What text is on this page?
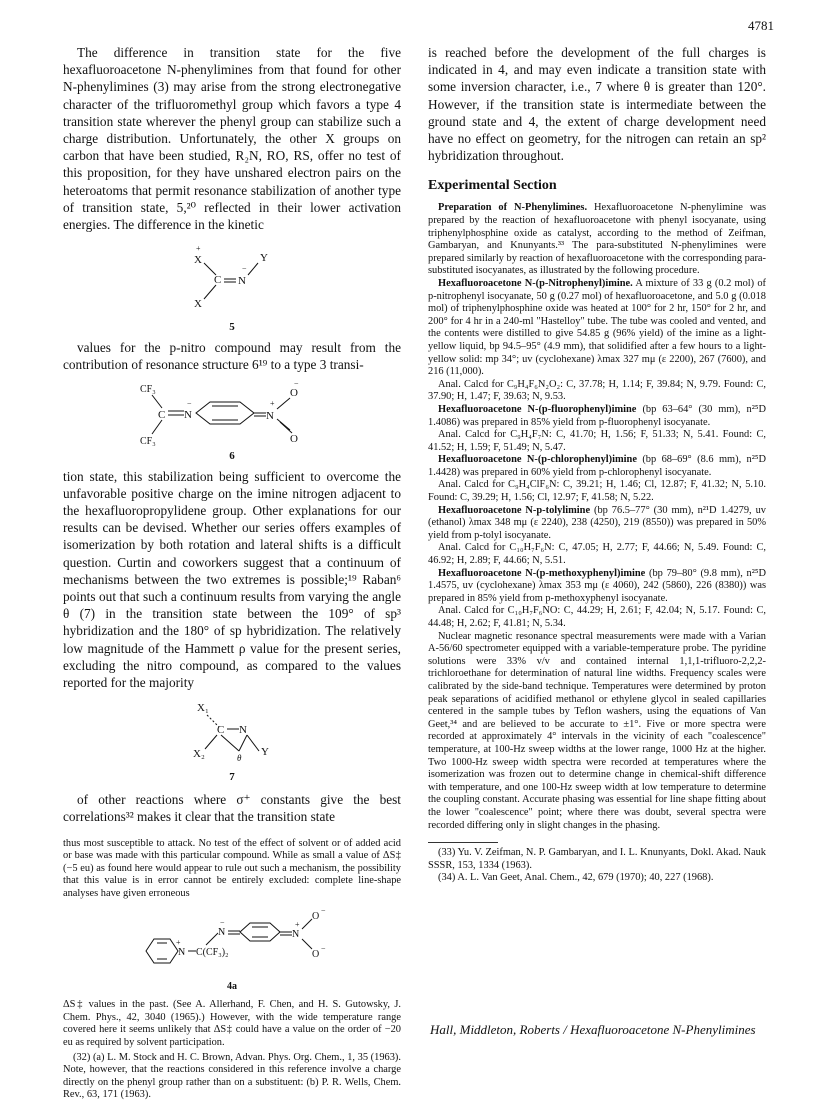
4781

The difference in transition state for the five hexafluoroacetone N-phenylimines from that found for other N-phenylimines (3) may arise from the strong electronegative character of the trifluoromethyl group which favors a type 4 transition state wherever the phenyl group can stabilize such a charge distribution. Unfortunately, the other X groups on carbon that have been studied, R₂N, RO, RS, offer no test of this proposition, for they have unshared electron pairs on the heteroatoms that permit resonance stabilization of another type of transition state, 5,²⁰ reflected in their lower activation energies. The difference in the kinetic

+
X
C N
−
Y
X
5

values for the p-nitro compound may result from the contribution of resonance structure 6¹⁹ to a type 3 transi-

CF₃
C N
−
N
+
O
−
O
CF₃
6

tion state, this stabilization being sufficient to overcome the unfavorable positive charge on the imine nitrogen adjacent to the hexafluoropropylidene group. Other explanations for our results can be devised. Whether our series offers examples of isomerization by both rotation and lateral shifts is a difficult question. Curtin and coworkers suggest that a continuum of mechanisms between the two extremes is possible;¹⁹ Raban⁶ points out that such a continuum results from varying the angle θ (7) in the transition state between the 109° of sp³ hybridization and the 180° of sp hybridization. The relatively low magnitude of the Hammett ρ value for the present series, excluding the nitro compound, as compared to the values reported for the majority

X₁
C N
Y
X₂	θ
7

of other reactions where σ⁺ constants give the best correlations³² makes it clear that the transition state

thus most susceptible to attack. No test of the effect of solvent or of added acid or base was made with this particular compound. While as small a value of ΔS‡ (−5 eu) as found here would appear to rule out such a mechanism, the possibility that this value is in error cannot be entirely excluded: complete line-shape analyses have given erroneous

N
+
C(CF₃)₂
N
−
N
+
O
−
O
−
4a

ΔS‡ values in the past. (See A. Allerhand, F. Chen, and H. S. Gutowsky, J. Chem. Phys., 42, 3040 (1965).) However, with the wide temperature range covered here it seems unlikely that ΔS‡ could have a value on the order of −20 eu as required by solvent participation.

(32) (a) L. M. Stock and H. C. Brown, Advan. Phys. Org. Chem., 1, 35 (1963). Note, however, that the reactions considered in this reference involve a charge directly on the phenyl group rather than on a substituent: (b) P. R. Wells, Chem. Rev., 63, 171 (1963).

is reached before the development of the full charges is indicated in 4, and may even indicate a transition state with some inversion character, i.e., 7 where θ is greater than 120°. However, if the transition state is intermediate between the ground state and 4, the extent of charge development need have no effect on geometry, for the nitrogen can retain an sp² hybridization throughout.

Experimental Section

Preparation of N-Phenylimines. Hexafluoroacetone N-phenylimine was prepared by the reaction of hexafluoroacetone with phenyl isocyanate, using triphenylphosphine oxide as catalyst, according to the method of Zeifman, Gambaryan, and Knunyants.³³ The para-substituted N-phenylimines were prepared similarly by reaction of hexafluoroacetone with the corresponding para-substituted isocyanates, as illustrated by the following procedure.

Hexafluoroacetone N-(p-Nitrophenyl)imine. A mixture of 33 g (0.2 mol) of p-nitrophenyl isocyanate, 50 g (0.27 mol) of hexafluoroacetone, and 5.0 g (0.018 mol) of triphenylphosphine oxide was heated at 100° for 2 hr, 150° for 2 hr, and 200° for 4 hr in a 240-ml "Hastelloy" tube. The tube was cooled and vented, and the contents were distilled to give 54.85 g (96% yield) of the imine as a light-yellow liquid, bp 94.5–95° (4.9 mm), that solidified after a few hours to a light-yellow solid: mp 34°; uv (cyclohexane) λmax 327 mμ (ε 2200), 267 (7600), and 216 (11,000).

Anal. Calcd for C₉H₄F₆N₂O₂: C, 37.78; H, 1.14; F, 39.84; N, 9.79. Found: C, 37.90; H, 1.47; F, 39.63; N, 9.53.

Hexafluoroacetone N-(p-fluorophenyl)imine (bp 63–64° (30 mm), n²⁵D 1.4086) was prepared in 85% yield from p-fluorophenyl isocyanate.

Anal. Calcd for C₉H₄F₇N: C, 41.70; H, 1.56; F, 51.33; N, 5.41. Found: C, 41.52; H, 1.59; F, 51.49; N, 5.47.

Hexafluoroacetone N-(p-chlorophenyl)imine (bp 68–69° (8.6 mm), n²⁵D 1.4428) was prepared in 60% yield from p-chlorophenyl isocyanate.

Anal. Calcd for C₉H₄ClF₆N: C, 39.21; H, 1.46; Cl, 12.87; F, 41.32; N, 5.10. Found: C, 39.29; H, 1.56; Cl, 12.97; F, 41.58; N, 5.22.

Hexafluoroacetone N-p-tolylimine (bp 76.5–77° (30 mm), n²¹D 1.4279, uv (ethanol) λmax 348 mμ (ε 2240), 238 (4250), 219 (8550)) was prepared in 50% yield from p-tolyl isocyanate.

Anal. Calcd for C₁₀H₇F₆N: C, 47.05; H, 2.77; F, 44.66; N, 5.49. Found: C, 46.92; H, 2.89; F, 44.66; N, 5.51.

Hexafluoroacetone N-(p-methoxyphenyl)imine (bp 79–80° (9.8 mm), n²⁵D 1.4575, uv (cyclohexane) λmax 353 mμ (ε 4060), 242 (5860), 226 (8380)) was prepared in 85% yield from p-methoxyphenyl isocyanate.

Anal. Calcd for C₁₀H₇F₆NO: C, 44.29; H, 2.61; F, 42.04; N, 5.17. Found: C, 44.48; H, 2.62; F, 41.81; N, 5.34.

Nuclear magnetic resonance spectral measurements were made with a Varian A-56/60 spectrometer equipped with a variable-temperature probe. The pyridine solutions were 33% v/v and contained internal 1,1,1-trifluoro-2,2,2-trichloroethane for determination of natural line widths. Frequency scales were calibrated by the side-band technique. Temperatures were determined by proton peak separations of acidified methanol or ethylene glycol in sealed capillaries centered in the sample tubes by Teflon washers, using the equations of Van Geet,³⁴ and are believed to be accurate to ±1°. Five or more spectra were recorded at approximately 4° intervals in the vicinity of each "coalescence" temperature, at 100-Hz sweep widths at the lower range, 1000 Hz at the higher. Two 1000-Hz sweep width spectra were recorded at temperatures where the isomerization was frozen out to determine change in chemical-shift difference with temperature, and one 100-Hz sweep width at low temperature to determine the coupling constant. Accurate phasing was essential for line shape fitting about the lower "coalescence" point; where there was doubt, several spectra were recorded differing only in slight changes in the phasing.

(33) Yu. V. Zeifman, N. P. Gambaryan, and I. L. Knunyants, Dokl. Akad. Nauk SSSR, 153, 1334 (1963).

(34) A. L. Van Geet, Anal. Chem., 42, 679 (1970); 40, 227 (1968).

Hall, Middleton, Roberts / Hexafluoroacetone N-Phenylimines
